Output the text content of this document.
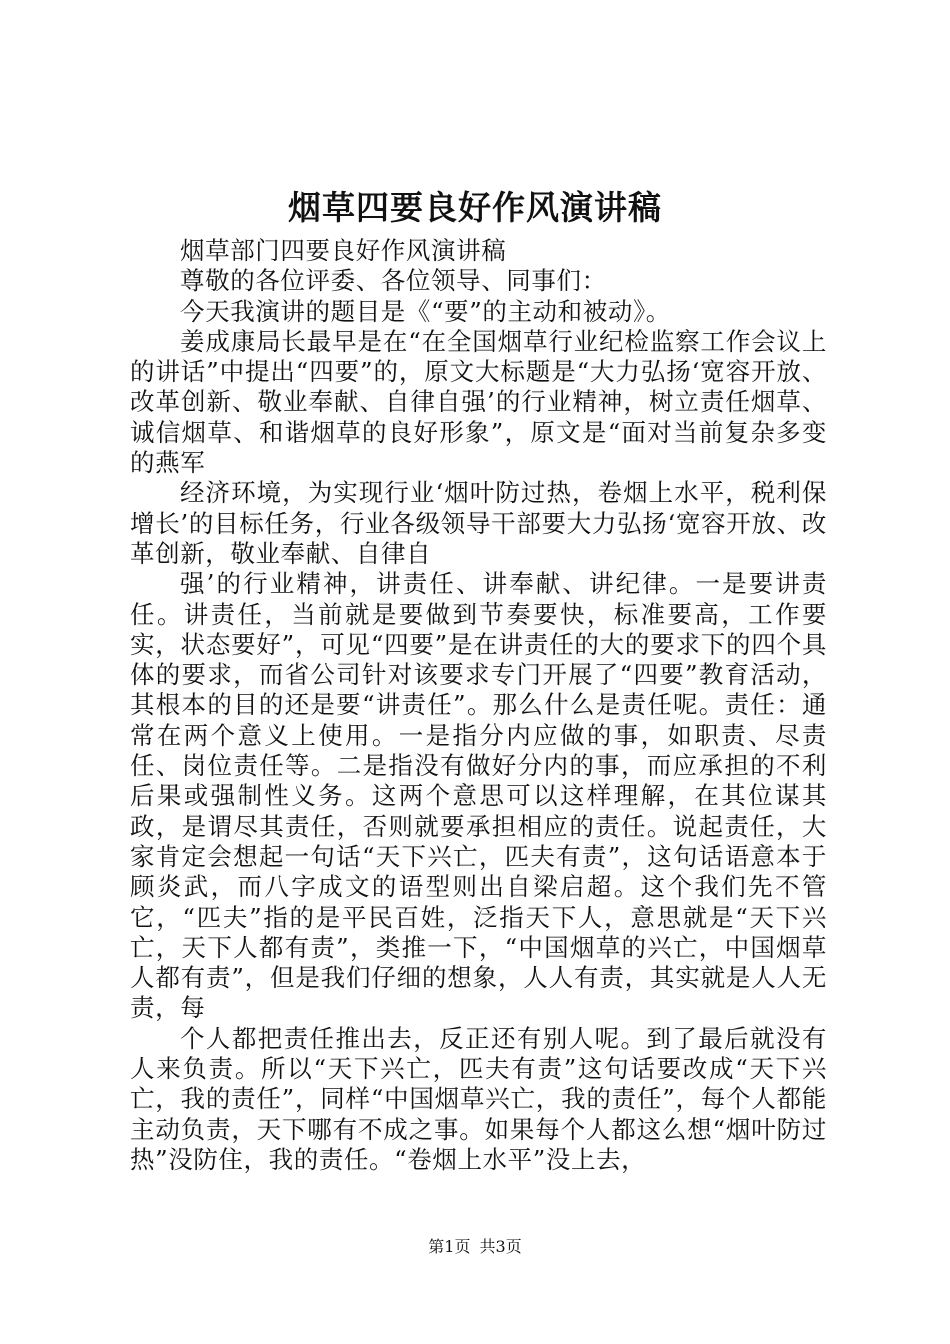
烟草四要良好作风演讲稿

烟草部门四要良好作风演讲稿

尊敬的各位评委、各位领导、同事们：

今天我演讲的题目是《“要”的主动和被动》。

姜成康局长最早是在“在全国烟草行业纪检监察工作会议上的讲话”中提出“四要”的，原文大标题是“大力弘扬‘宽容开放、改革创新、敬业奉献、自律自强’的行业精神，树立责任烟草、诚信烟草、和谐烟草的良好形象”，原文是“面对当前复杂多变的燕军

经济环境，为实现行业‘烟叶防过热，卷烟上水平，税利保增长’的目标任务，行业各级领导干部要大力弘扬‘宽容开放、改革创新，敬业奉献、自律自

强’的行业精神，讲责任、讲奉献、讲纪律。一是要讲责任。讲责任，当前就是要做到节奏要快，标准要高，工作要实，状态要好”，可见“四要”是在讲责任的大的要求下的四个具体的要求，而省公司针对该要求专门开展了“四要”教育活动，其根本的目的还是要“讲责任”。那么什么是责任呢。责任：通常在两个意义上使用。一是指分内应做的事，如职责、尽责任、岗位责任等。二是指没有做好分内的事，而应承担的不利后果或强制性义务。这两个意思可以这样理解，在其位谋其政，是谓尽其责任，否则就要承担相应的责任。说起责任，大家肯定会想起一句话“天下兴亡，匹夫有责”，这句话语意本于顾炎武，而八字成文的语型则出自梁启超。这个我们先不管它，“匹夫”指的是平民百姓，泛指天下人，意思就是“天下兴亡，天下人都有责”，类推一下，“中国烟草的兴亡，中国烟草人都有责”，但是我们仔细的想象，人人有责，其实就是人人无责，每

个人都把责任推出去，反正还有别人呢。到了最后就没有人来负责。所以“天下兴亡，匹夫有责”这句话要改成“天下兴亡，我的责任”，同样“中国烟草兴亡，我的责任”，每个人都能主动负责，天下哪有不成之事。如果每个人都这么想“烟叶防过热”没防住，我的责任。“卷烟上水平”没上去，

第1页 共3页
